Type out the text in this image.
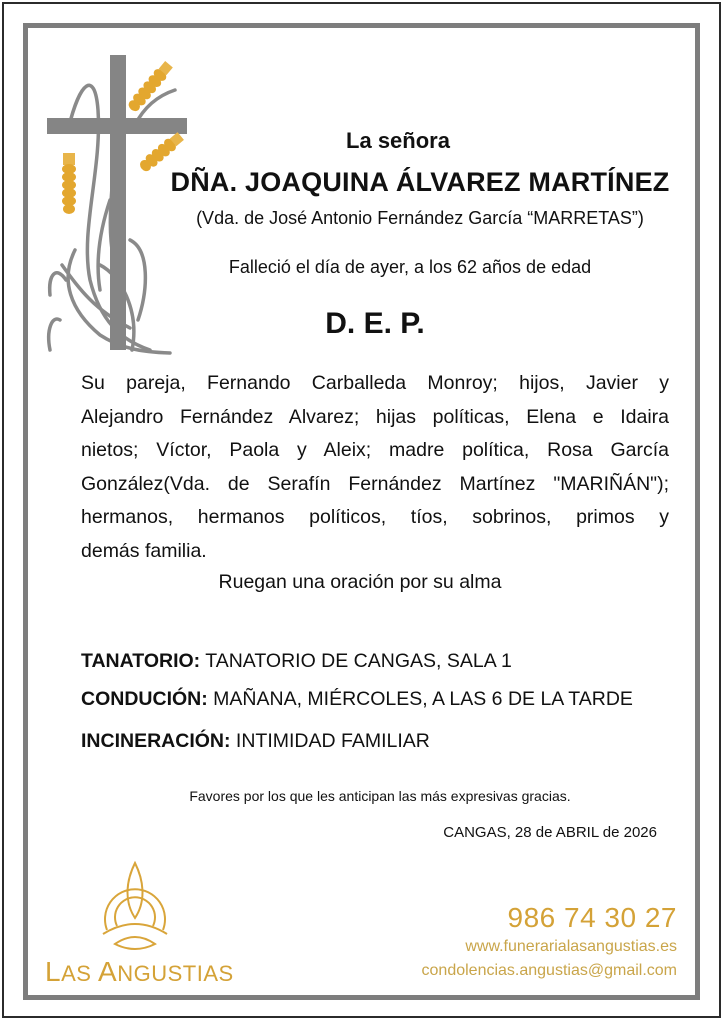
La señora
DÑA. JOAQUINA ÁLVAREZ MARTÍNEZ
(Vda. de José Antonio Fernández García “MARRETAS”)
Falleció el día de ayer, a los 62 años de edad
D. E. P.
Su pareja, Fernando Carballeda Monroy; hijos, Javier y
Alejandro Fernández Alvarez; hijas políticas, Elena e Idaira
nietos; Víctor, Paola y Aleix; madre política, Rosa García
González(Vda. de Serafín Fernández Martínez "MARIÑÁN");
hermanos, hermanos políticos, tíos, sobrinos, primos y
demás familia.
Ruegan una oración por su alma
TANATORIO: TANATORIO DE CANGAS, SALA 1
CONDUCIÓN: MAÑANA, MIÉRCOLES, A LAS 6 DE LA TARDE
INCINERACIÓN: INTIMIDAD FAMILIAR
Favores por los que les anticipan las más expresivas gracias.
CANGAS, 28 de ABRIL de 2026
LAS ANGUSTIAS
986 74 30 27
www.funerarialasangustias.es
condolencias.angustias@gmail.com
